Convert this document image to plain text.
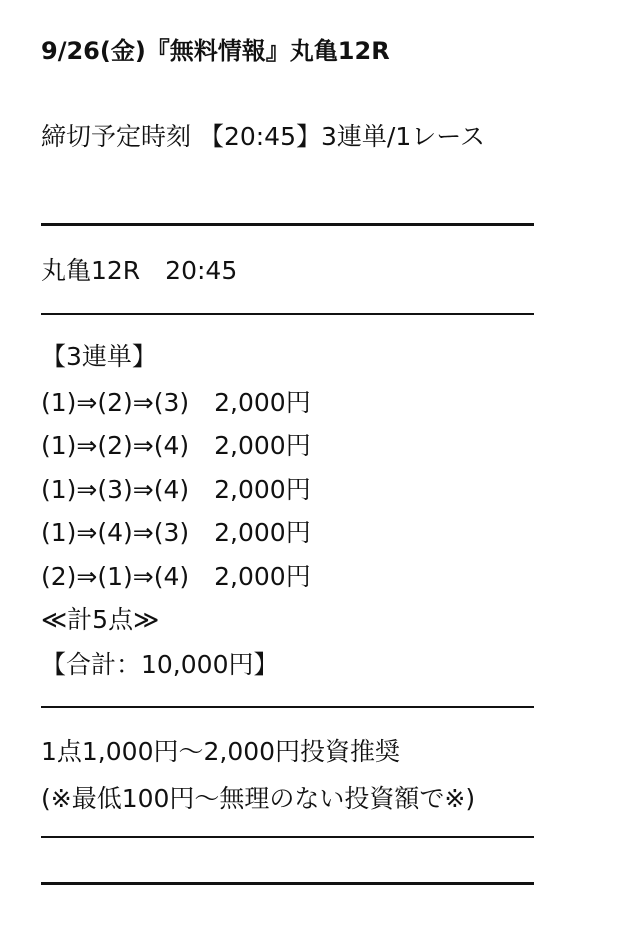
9/26(金)『無料情報』丸亀12R
締切予定時刻 【20:45】3連単/1レース
丸亀12R　20:45
【3連単】
(1)⇒(2)⇒(3)　2,000円
(1)⇒(2)⇒(4)　2,000円
(1)⇒(3)⇒(4)　2,000円
(1)⇒(4)⇒(3)　2,000円
(2)⇒(1)⇒(4)　2,000円
≪計5点≫
【合計：10,000円】
1点1,000円〜2,000円投資推奨
(※最低100円〜無理のない投資額で※)
